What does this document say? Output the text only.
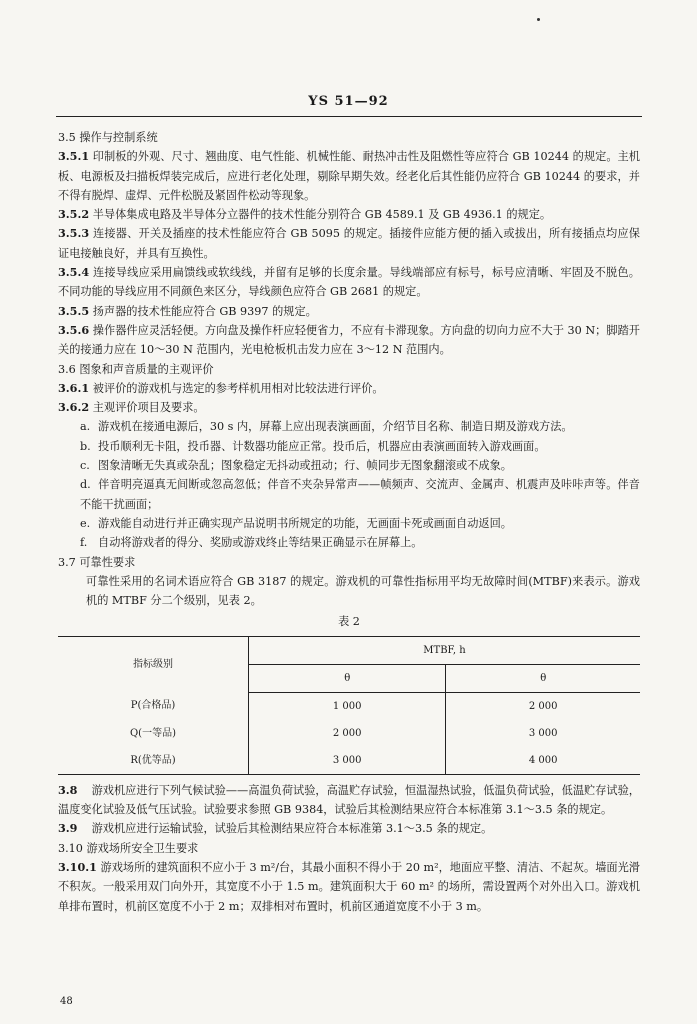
YS 51—92

3.5 操作与控制系统

3.5.1 印制板的外观、尺寸、翘曲度、电气性能、机械性能、耐热冲击性及阻燃性等应符合 GB 10244 的规定。主机板、电源板及扫描板焊装完成后，应进行老化处理，剔除早期失效。经老化后其性能仍应符合 GB 10244 的要求，并不得有脱焊、虚焊、元件松脱及紧固件松动等现象。

3.5.2 半导体集成电路及半导体分立器件的技术性能分别符合 GB 4589.1 及 GB 4936.1 的规定。

3.5.3 连接器、开关及插座的技术性能应符合 GB 5095 的规定。插接件应能方便的插入或拔出，所有接插点均应保证电接触良好，并具有互换性。

3.5.4 连接导线应采用扁馈线或软线线，并留有足够的长度余量。导线端部应有标号，标号应清晰、牢固及不脱色。不同功能的导线应用不同颜色来区分，导线颜色应符合 GB 2681 的规定。

3.5.5 扬声器的技术性能应符合 GB 9397 的规定。

3.5.6 操作器件应灵活轻便。方向盘及操作杆应轻便省力，不应有卡滞现象。方向盘的切向力应不大于 30 N；脚踏开关的接通力应在 10～30 N 范围内，光电枪板机击发力应在 3～12 N 范围内。

3.6 图象和声音质量的主观评价

3.6.1 被评价的游戏机与选定的参考样机用相对比较法进行评价。

3.6.2 主观评价项目及要求。

a. 游戏机在接通电源后，30 s 内，屏幕上应出现表演画面，介绍节目名称、制造日期及游戏方法。

b. 投币顺利无卡阻，投币器、计数器功能应正常。投币后，机器应由表演画面转入游戏画面。

c. 图象清晰无失真或杂乱；图象稳定无抖动或扭动；行、帧同步无图象翻滚或不成象。

d. 伴音明亮逼真无间断或忽高忽低；伴音不夹杂异常声——帧频声、交流声、金属声、机震声及咔咔声等。伴音不能干扰画面；

e. 游戏能自动进行并正确实现产品说明书所规定的功能，无画面卡死或画面自动返回。

f. 自动将游戏者的得分、奖励或游戏终止等结果正确显示在屏幕上。

3.7 可靠性要求

可靠性采用的名词术语应符合 GB 3187 的规定。游戏机的可靠性指标用平均无故障时间(MTBF)来表示。游戏机的 MTBF 分二个级别，见表 2。

表 2

指标级别	MTBF, h	
	θ	θ
P(合格品)	1 000	2 000
Q(一等品)	2 000	3 000
R(优等品)	3 000	4 000

3.8 游戏机应进行下列气候试验——高温负荷试验，高温贮存试验，恒温湿热试验，低温负荷试验，低温贮存试验，温度变化试验及低气压试验。试验要求参照 GB 9384，试验后其检测结果应符合本标准第 3.1～3.5 条的规定。

3.9 游戏机应进行运输试验，试验后其检测结果应符合本标准第 3.1～3.5 条的规定。

3.10 游戏场所安全卫生要求

3.10.1 游戏场所的建筑面积不应小于 3 m²/台，其最小面积不得小于 20 m²，地面应平整、清洁、不起灰。墙面光滑不积灰。一般采用双门向外开，其宽度不小于 1.5 m。建筑面积大于 60 m² 的场所，需设置两个对外出入口。游戏机单排布置时，机前区宽度不小于 2 m；双排相对布置时，机前区通道宽度不小于 3 m。

48
